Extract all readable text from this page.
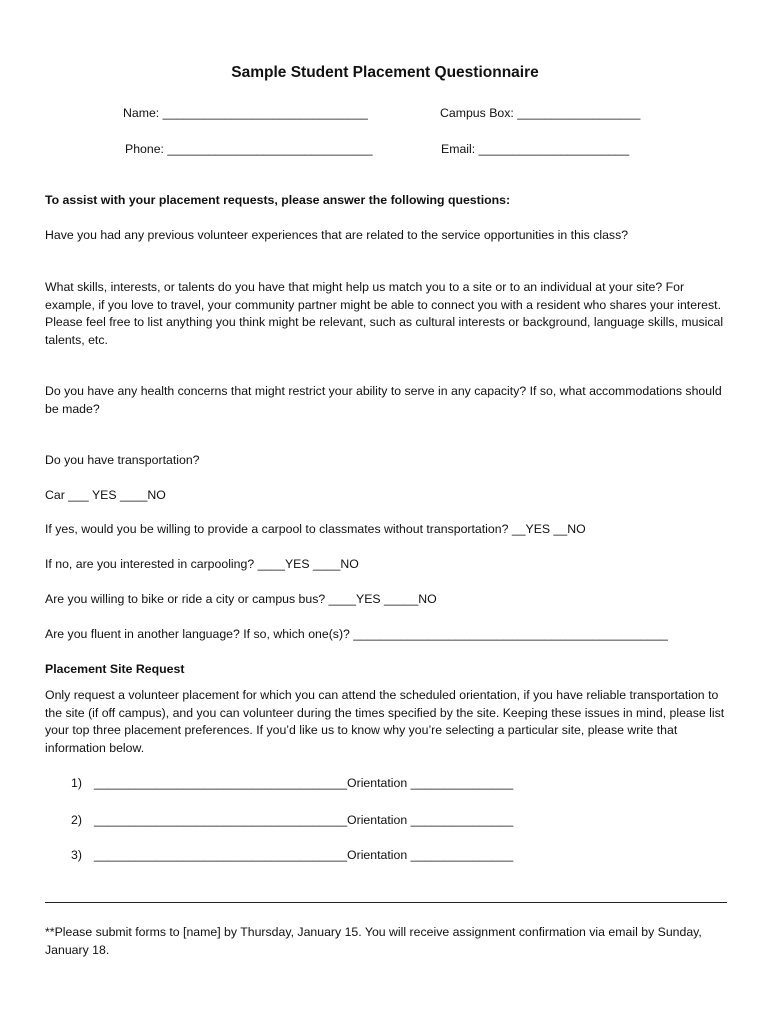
Sample Student Placement Questionnaire
Name: ______________________________	Campus Box: __________________
Phone: ______________________________	Email: ______________________
To assist with your placement requests, please answer the following questions:
Have you had any previous volunteer experiences that are related to the service opportunities in this class?
What skills, interests, or talents do you have that might help us match you to a site or to an individual at your site? For example, if you love to travel, your community partner might be able to connect you with a resident who shares your interest. Please feel free to list anything you think might be relevant, such as cultural interests or background, language skills, musical talents, etc.
Do you have any health concerns that might restrict your ability to serve in any capacity? If so, what accommodations should be made?
Do you have transportation?
Car ___ YES ____NO
If yes, would you be willing to provide a carpool to classmates without transportation? __YES __NO
If no, are you interested in carpooling? ____YES ____NO
Are you willing to bike or ride a city or campus bus? ____YES _____NO
Are you fluent in another language? If so, which one(s)? ______________________________________________
Placement Site Request
Only request a volunteer placement for which you can attend the scheduled orientation, if you have reliable transportation to the site (if off campus), and you can volunteer during the times specified by the site. Keeping these issues in mind, please list your top three placement preferences. If you’d like us to know why you’re selecting a particular site, please write that information below.
1) _____________________________________Orientation _______________
2) _____________________________________Orientation _______________
3) _____________________________________Orientation _______________
**Please submit forms to [name] by Thursday, January 15. You will receive assignment confirmation via email by Sunday, January 18.
